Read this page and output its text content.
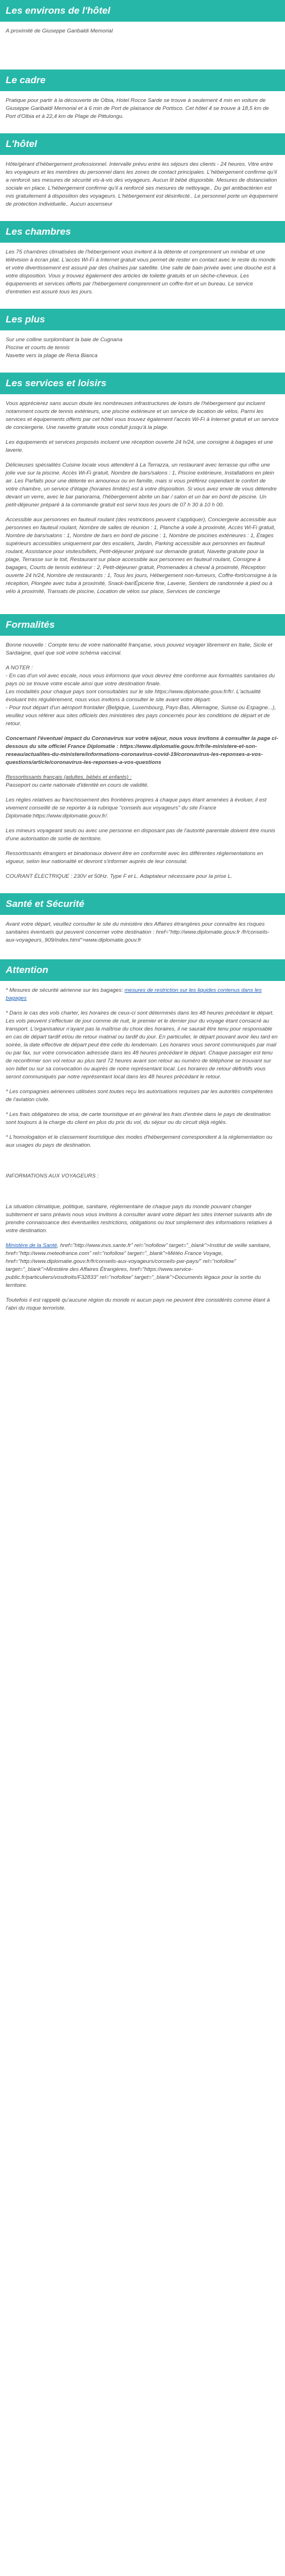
Les environs de l'hôtel

A proximité de Giuseppe Garibaldi Memorial

Le cadre

Pratique pour partir à la découverte de Olbia, Hotel Rocce Sarde se trouve à seulement 4 min en voiture de Giuseppe Garibaldi Memorial et à 6 min de Port de plaisance de Portisco. Cet hôtel 4 se trouve à 18,5 km de Port d'Olbia et à 22,4 km de Plage de Pittulongu.

L'hôtel

Hôte/gérant d'hébergement professionnel. Intervalle prévu entre les séjours des clients - 24 heures. Vitre entre les voyageurs et les membres du personnel dans les zones de contact principales. L'hébergement confirme qu'il a renforcé ses mesures de sécurité vis-à-vis des voyageurs. Aucun lit bébé disponible. Mesures de distanciation sociale en place. L'hébergement confirme qu'il a renforcé ses mesures de nettoyage.. Du gel antibactérien est mis gratuitement à disposition des voyageurs. L'hébergement est désinfecté.. Le personnel porte un équipement de protection individuelle.. Aucun ascenseur

Les chambres

Les 75 chambres climatisées de l'hébergement vous invitent à la détente et comprennent un minibar et une télévision à écran plat. L'accès Wi-Fi à Internet gratuit vous permet de rester en contact avec le reste du monde et votre divertissement est assuré par des chaînes par satellite. Une salle de bain privée avec une douche est à votre disposition. Vous y trouvez également des articles de toilette gratuits et un sèche-cheveux. Les équipements et services offerts par l'hébergement comprennent un coffre-fort et un bureau. Le service d'entretien est assuré tous les jours.

Les plus
Sur une colline surplombant la baie de Cugnana
Piscine et courts de tennis
Navette vers la plage de Rena Bianca
Les services et loisirs

Vous apprécierez sans aucun doute les nombreuses infrastructures de loisirs de l'hébergement qui incluent notamment courts de tennis extérieurs, une piscine extérieure et un service de location de vélos. Parmi les services et équipements offerts par cet hôtel vous trouvez également l'accès Wi-Fi à Internet gratuit et un service de conciergerie. Une navette gratuite vous conduit jusqu'à la plage.

Les équipements et services proposés incluent une réception ouverte 24 h/24, une consigne à bagages et une laverie.

Délicieuses spécialités Cuisine locale vous attendent à La Terrazza, un restaurant avec terrasse qui offre une jolie vue sur la piscine. Accès Wi-Fi gratuit, Nombre de bars/salons : 1, Piscine extérieure, Installations en plein air. Les Parfaits pour une détente en amoureux ou en famille, mais si vous préférez cependant le confort de votre chambre, un service d'étage (horaires limités) est à votre disposition. Si vous avez envie de vous détendre devant un verre, avec le bar panorama, l'hébergement abrite un bar / salon et un bar en bord de piscine. Un petit-déjeuner préparé à la commande gratuit est servi tous les jours de 07 h 30 à 10 h 00.

Accessible aux personnes en fauteuil roulant (des restrictions peuvent s'appliquer), Conciergerie accessible aux personnes en fauteuil roulant, Nombre de salles de réunion : 1, Planche à voile à proximité, Accès Wi-Fi gratuit, Nombre de bars/salons : 1, Nombre de bars en bord de piscine : 1, Nombre de piscines extérieures : 1, Étages supérieurs accessibles uniquement par des escaliers, Jardin, Parking accessible aux personnes en fauteuil roulant, Assistance pour visites/billets, Petit-déjeuner préparé sur demande gratuit, Navette gratuite pour la plage, Terrasse sur le toit, Restaurant sur place accessible aux personnes en fauteuil roulant, Consigne à bagages, Courts de tennis extérieur : 2, Petit-déjeuner gratuit, Promenades à cheval à proximité, Réception ouverte 24 h/24, Nombre de restaurants : 1, Tous les jours, Hébergement non-fumeurs, Coffre-fort/consigne à la réception, Plongée avec tuba à proximité, Snack-bar/Épicerie fine, Laverie, Sentiers de randonnée à pied ou à vélo à proximité, Transats de piscine, Location de vélos sur place, Services de concierge

Formalités

Bonne nouvelle : Compte tenu de votre nationalité française, vous pouvez voyager librement en Italie, Sicile et Sardaigne, quel que soit votre schéma vaccinal.

A NOTER :
- En cas d'un vol avec escale, nous vous informons que vous devrez être conforme aux formalités sanitaires du pays où se trouve votre escale ainsi que votre destination finale.
Les modalités pour chaque pays sont consultables sur le site https://www.diplomatie.gouv.fr/fr/. L'actualité évoluant très régulièrement, nous vous invitons à consulter le site avant votre départ.
- Pour tout départ d'un aéroport frontalier (Belgique, Luxembourg, Pays-Bas, Allemagne, Suisse ou Espagne...), veuillez vous référer aux sites officiels des ministères des pays concernés pour les conditions de départ et de retour.

Concernant l'éventuel impact du Coronavirus sur votre séjour, nous vous invitons à consulter la page ci-dessous du site officiel France Diplomatie : https://www.diplomatie.gouv.fr/fr/le-ministere-et-son-reseau/actualites-du-ministere/informations-coronavirus-covid-19/coronavirus-les-reponses-a-vos-questions/article/coronavirus-les-reponses-a-vos-questions

Ressortissants français (adultes, bébés et enfants) :
Passeport ou carte nationale d'identité en cours de validité.

Les règles relatives au franchissement des frontières propres à chaque pays étant amenées à évoluer, il est vivement conseillé de se reporter à la rubrique "conseils aux voyageurs" du site France Diplomatie:https://www.diplomatie.gouv.fr/.

Les mineurs voyageant seuls ou avec une personne en disposant pas de l'autorité parentale doivent être munis d'une autorisation de sortie de territoire.

Ressortissants étrangers et binationaux doivent être en conformité avec les différentes réglementations en vigueur, selon leur nationalité et devront s'informer auprès de leur consulat.

COURANT ÉLECTRIQUE : 230V et 50Hz. Type F et L. Adaptateur nécessaire pour la prise L.

Santé et Sécurité

Avant votre départ, veuillez consulter le site du ministère des Affaires étrangères pour connaître les risques sanitaires éventuels qui peuvent concerner votre destination : href="http://www.diplomatie.gouv.fr /fr/conseils-aux-voyageurs_909/index.html">www.diplomatie.gouv.fr

Attention

* Mesures de sécurité aérienne sur les bagages: mesures de restriction sur les liquides contenus dans les bagages

* Dans le cas des vols charter, les horaires de ceux-ci sont déterminés dans les 48 heures précédant le départ. Les vols peuvent s'effectuer de jour comme de nuit, le premier et le dernier jour du voyage étant consacré au transport. L'organisateur n'ayant pas la maîtrise du choix des horaires, il ne saurait être tenu pour responsable en cas de départ tardif et/ou de retour matinal ou tardif du jour. En particulier, le départ pouvant avoir lieu tard en soirée, la date effective de départ peut être celle du lendemain. Les horaires vous seront communiqués par mail ou par fax, sur votre convocation adressée dans les 48 heures précédant le départ. Chaque passager est tenu de reconfirmer son vol retour au plus tard 72 heures avant son retour au numéro de téléphone se trouvant sur son billet ou sur sa convocation ou auprès de notre représentant local. Les horaires de retour définitifs vous seront communiqués par notre représentant local dans les 48 heures précédant le retour.

* Les compagnies aériennes utilisées sont toutes reçu les autorisations requises par les autorités compétentes de l'aviation civile.

* Les frais obligatoires de visa, de carte touristique et en général les frais d'entrée dans le pays de destination sont toujours à la charge du client en plus du prix du vol, du séjour ou du circuit déjà réglés.

* L'homologation et le classement touristique des modes d'hébergement correspondent à la réglementation ou aux usages du pays de destination.

INFORMATIONS AUX VOYAGEURS :

La situation climatique, politique, sanitaire, réglementaire de chaque pays du monde pouvant changer subitement et sans préavis nous vous invitons à consulter avant votre départ les sites Internet suivants afin de prendre connaissance des éventuelles restrictions, obligations ou tout simplement des informations relatives à votre destination.

Ministère de la Santé, href="http://www.invs.sante.fr" rel="nofollow" target="_blank">Institut de veille sanitaire, href="http://www.meteofrance.com" rel="nofollow" target="_blank">Météo France Voyage, href="http://www.diplomatie.gouv.fr/fr/conseils-aux-voyageurs/conseils-par-pays/" rel="nofollow" target="_blank">Ministère des Affaires Étrangères, href="https://www.service-public.fr/particuliers/vosdroits/F32833" rel="nofollow" target="_blank">Documents légaux pour la sortie du territoire.

Toutefois il est rappelé qu'aucune région du monde ni aucun pays ne peuvent être considérés comme étant à l'abri du risque terroriste.
